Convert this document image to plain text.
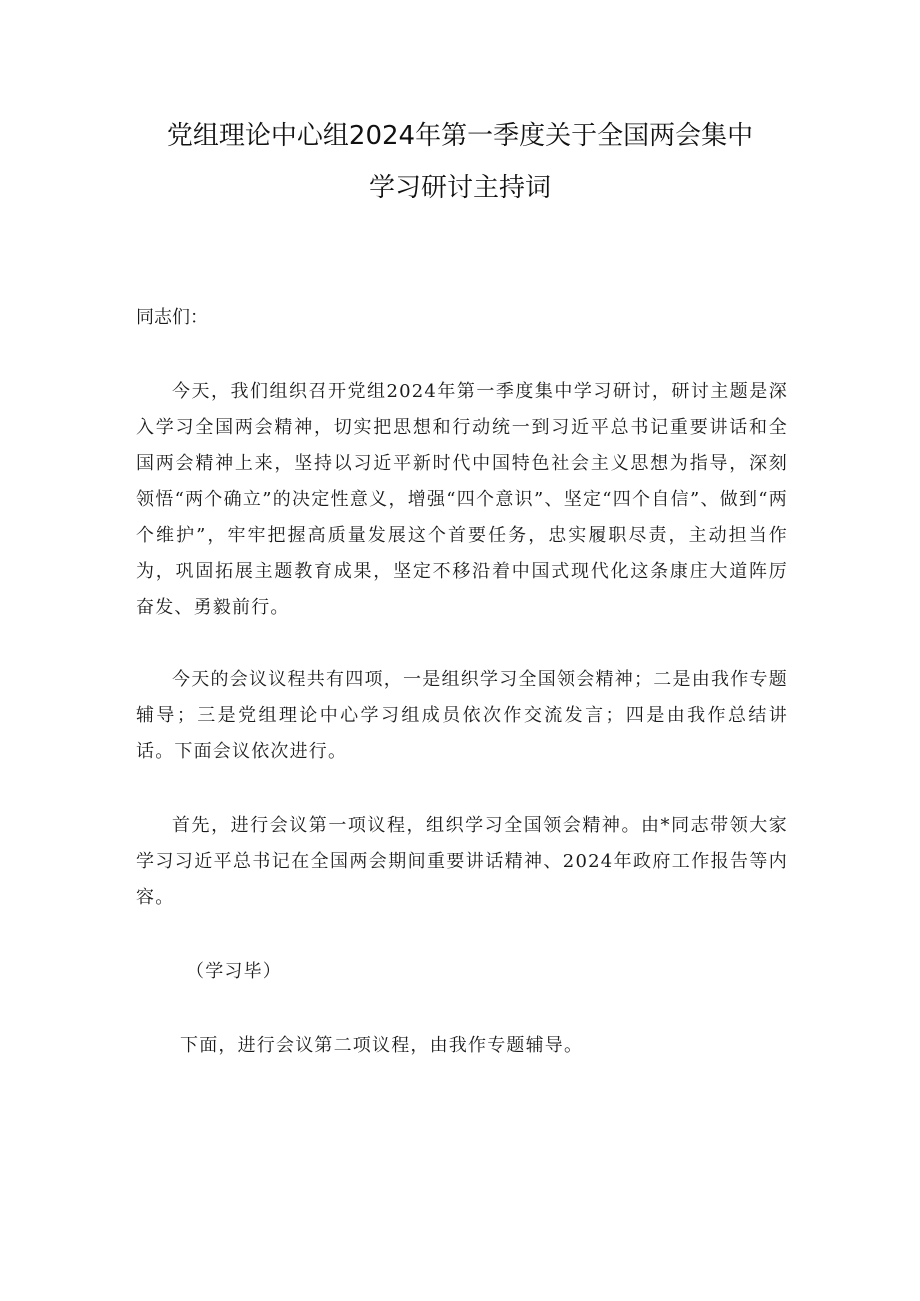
党组理论中心组2024年第一季度关于全国两会集中
学习研讨主持词

同志们：

今天，我们组织召开党组2024年第一季度集中学习研讨，研讨主题是深入学习全国两会精神，切实把思想和行动统一到习近平总书记重要讲话和全国两会精神上来，坚持以习近平新时代中国特色社会主义思想为指导，深刻领悟“两个确立”的决定性意义，增强“四个意识”、坚定“四个自信”、做到“两个维护”，牢牢把握高质量发展这个首要任务，忠实履职尽责，主动担当作为，巩固拓展主题教育成果，坚定不移沿着中国式现代化这条康庄大道阵厉奋发、勇毅前行。

今天的会议议程共有四项，一是组织学习全国领会精神；二是由我作专题辅导；三是党组理论中心学习组成员依次作交流发言；四是由我作总结讲话。下面会议依次进行。

首先，进行会议第一项议程，组织学习全国领会精神。由*同志带领大家学习习近平总书记在全国两会期间重要讲话精神、2024年政府工作报告等内容。

（学习毕）

下面，进行会议第二项议程，由我作专题辅导。
